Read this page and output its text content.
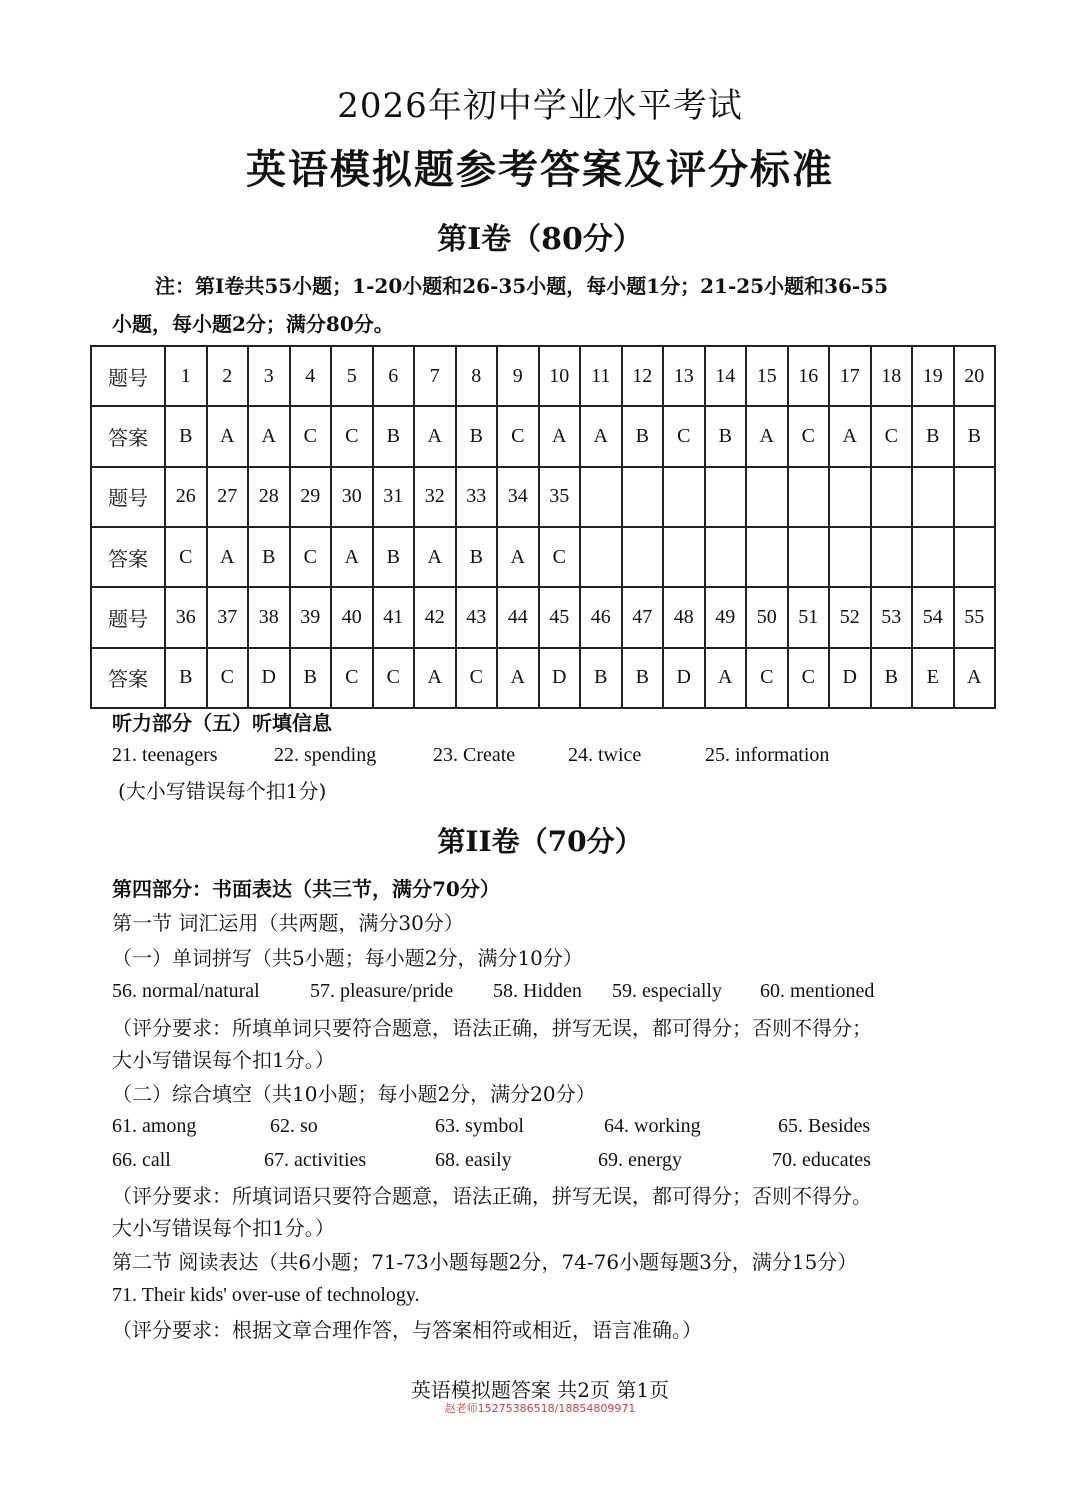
2026年初中学业水平考试
英语模拟题参考答案及评分标准
第I卷（80分）
注：第I卷共55小题；1-20小题和26-35小题，每小题1分；21-25小题和36-55
小题，每小题2分；满分80分。
题号	1	2	3	4	5	6	7	8	9	10	11	12	13	14	15	16	17	18	19	20
答案	B	A	A	C	C	B	A	B	C	A	A	B	C	B	A	C	A	C	B	B
题号	26	27	28	29	30	31	32	33	34	35										
答案	C	A	B	C	A	B	A	B	A	C										
题号	36	37	38	39	40	41	42	43	44	45	46	47	48	49	50	51	52	53	54	55
答案	B	C	D	B	C	C	A	C	A	D	B	B	D	A	C	C	D	B	E	A
听力部分（五）听填信息
21. teenagers	22. spending	23. Create	24. twice	25. information
(大小写错误每个扣1分)
第II卷（70分）
第四部分：书面表达（共三节，满分70分）
第一节 词汇运用（共两题，满分30分）
（一）单词拼写（共5小题；每小题2分，满分10分）
56. normal/natural	57. pleasure/pride 58. Hidden 59. especially 60. mentioned
（评分要求：所填单词只要符合题意，语法正确，拼写无误，都可得分；否则不得分；
大小写错误每个扣1分。）
（二）综合填空（共10小题；每小题2分，满分20分）
61. among	62. so	63. symbol	64. working	65. Besides
66. call	67. activities	68. easily	69. energy	70. educates
（评分要求：所填词语只要符合题意，语法正确，拼写无误，都可得分；否则不得分。
大小写错误每个扣1分。）
第二节 阅读表达（共6小题；71-73小题每题2分，74-76小题每题3分，满分15分）
71. Their kids' over-use of technology.
（评分要求：根据文章合理作答，与答案相符或相近，语言准确。）
英语模拟题答案 共2页 第1页
赵老师15275386518/18854809971
